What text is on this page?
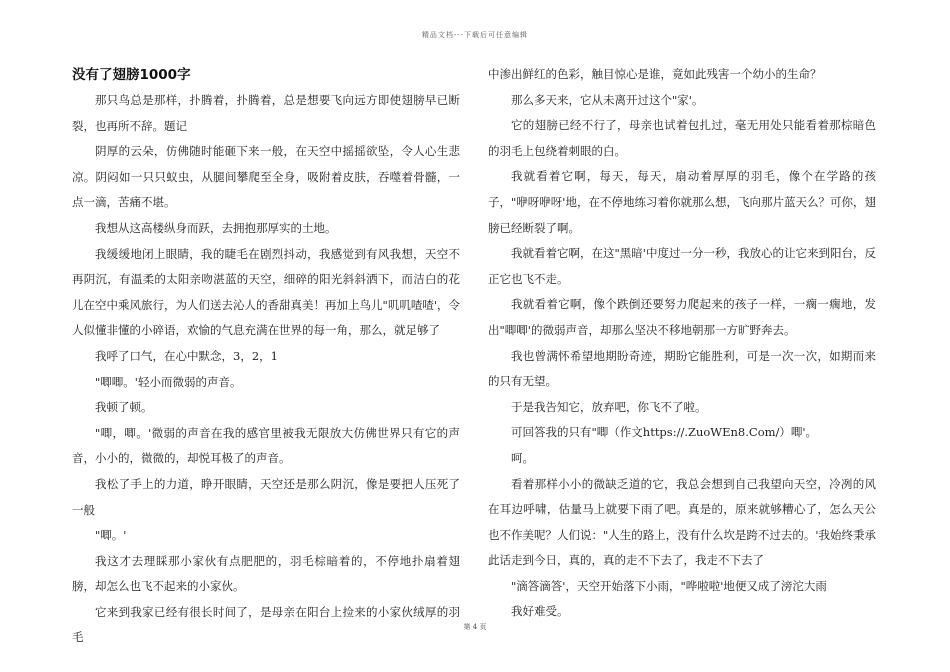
精品文档---下载后可任意编辑
没有了翅膀1000字

那只鸟总是那样，扑腾着，扑腾着，总是想要飞向远方即使翅膀早已断裂，也再所不辞。题记

阴厚的云朵，仿佛随时能砸下来一般，在天空中摇摇欲坠，令人心生悲凉。阴闷如一只只蚁虫，从腿间攀爬至全身，吸附着皮肤，吞噬着骨髓，一点一滴，苦痛不堪。

我想从这高楼纵身而跃，去拥抱那厚实的土地。

我缓缓地闭上眼睛，我的睫毛在剧烈抖动，我感觉到有风我想，天空不再阴沉，有温柔的太阳亲吻湛蓝的天空，细碎的阳光斜斜洒下，而洁白的花儿在空中乘风旅行，为人们送去沁人的香甜真美！再加上鸟儿"叽叽喳喳'，令人似懂非懂的小碎语，欢愉的气息充满在世界的每一角，那么，就足够了

我呼了口气，在心中默念，3，2，1

"唧唧。'轻小而微弱的声音。

我顿了顿。

"唧，唧。'微弱的声音在我的感官里被我无限放大仿佛世界只有它的声音，小小的，微微的，却悦耳极了的声音。

我松了手上的力道，睁开眼睛，天空还是那么阴沉，像是要把人压死了一般

"唧。'

我这才去理睬那小家伙有点肥肥的，羽毛棕暗着的，不停地扑扇着翅膀，却怎么也飞不起来的小家伙。

它来到我家已经有很长时间了，是母亲在阳台上捡来的小家伙绒厚的羽毛

中渗出鲜红的色彩，触目惊心是谁，竟如此残害一个幼小的生命？

那么多天来，它从未离开过这个"家'。

它的翅膀已经不行了，母亲也试着包扎过，毫无用处只能看着那棕暗色的羽毛上包绕着刺眼的白。

我就看着它啊，每天，每天，扇动着厚厚的羽毛，像个在学路的孩子，"咿呀咿呀'地，在不停地练习着你就那么想，飞向那片蓝天么？可你，翅膀已经断裂了啊。

我就看着它啊，在这"黑暗'中度过一分一秒，我放心的让它来到阳台，反正它也飞不走。

我就看着它啊，像个跌倒还要努力爬起来的孩子一样，一瘸一瘸地，发出"唧唧'的微弱声音，却那么坚决不移地朝那一方旷野奔去。

我也曾满怀希望地期盼奇迹，期盼它能胜利，可是一次一次，如期而来的只有无望。

于是我告知它，放弃吧，你飞不了啦。

可回答我的只有"唧（作文https://.ZuoWEn8.Com/）唧'。

呵。

看着那样小小的微缺乏道的它，我总会想到自己我望向天空，冷冽的风在耳边呼啸，估量马上就要下雨了吧。真是的，原来就够糟心了，怎么天公也不作美呢？人们说："人生的路上，没有什么坎是跨不过去的。'我始终秉承此话走到今日，真的，真的走不下去了，我走不下去了

"滴答滴答'，天空开始落下小雨，"哗啦啦'地便又成了滂沱大雨

我好难受。

第 4 页
